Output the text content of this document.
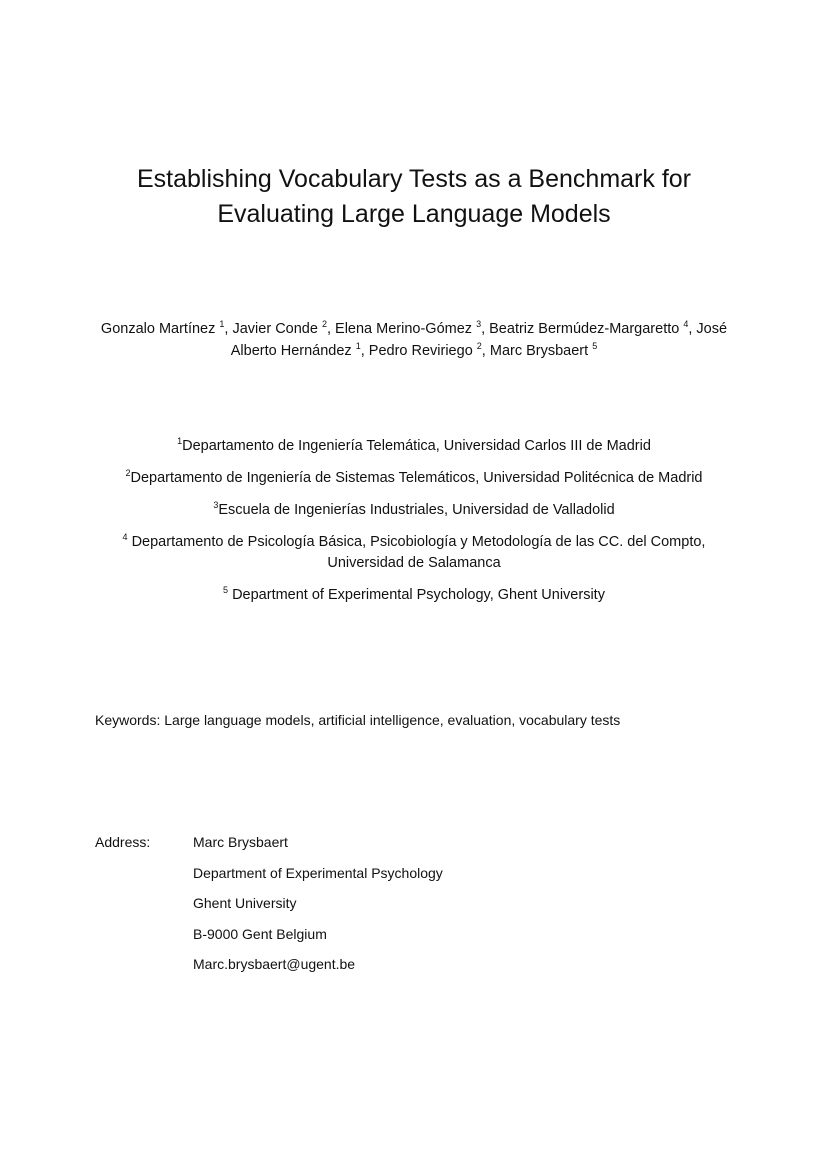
Establishing Vocabulary Tests as a Benchmark for
Evaluating Large Language Models
Gonzalo Martínez $^1$, Javier Conde $^2$, Elena Merino-Gómez $^3$, Beatriz Bermúdez-Margaretto $^4$, José
Alberto Hernández $^1$, Pedro Reviriego $^2$, Marc Brysbaert $^5$
$^1$Departamento de Ingeniería Telemática, Universidad Carlos III de Madrid
$^2$Departamento de Ingeniería de Sistemas Telemáticos, Universidad Politécnica de Madrid
$^3$Escuela de Ingenierías Industriales, Universidad de Valladolid
$^4$ Departamento de Psicología Básica, Psicobiología y Metodología de las CC. del Compto,
Universidad de Salamanca
$^5$ Department of Experimental Psychology, Ghent University

Keywords: Large language models, artificial intelligence, evaluation, vocabulary tests

Address:	Marc Brysbaert
Department of Experimental Psychology
Ghent University
B-9000 Gent Belgium
Marc.brysbaert@ugent.be
